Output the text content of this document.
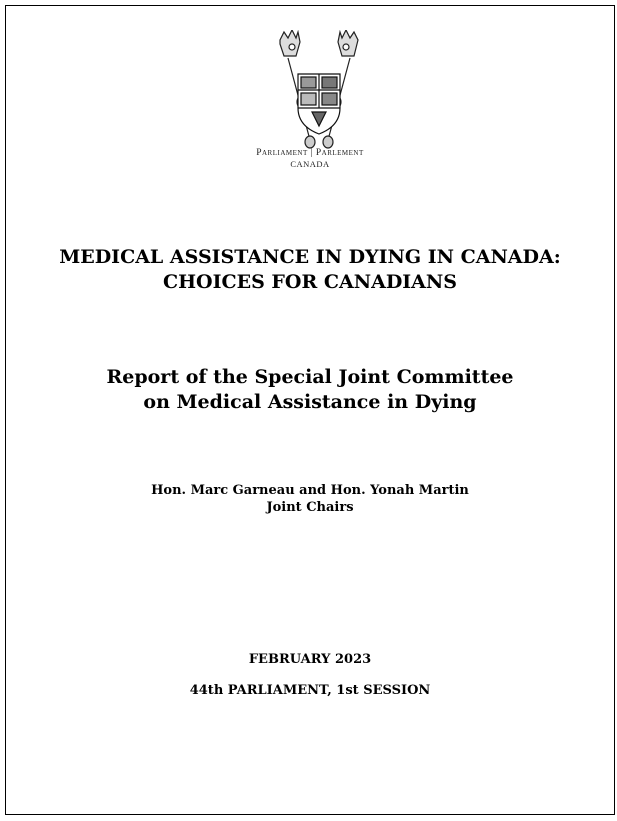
Parliament | Parlement
CANADA
MEDICAL ASSISTANCE IN DYING IN CANADA:
CHOICES FOR CANADIANS
Report of the Special Joint Committee
on Medical Assistance in Dying
Hon. Marc Garneau and Hon. Yonah Martin
Joint Chairs
FEBRUARY 2023
44th PARLIAMENT, 1st SESSION
